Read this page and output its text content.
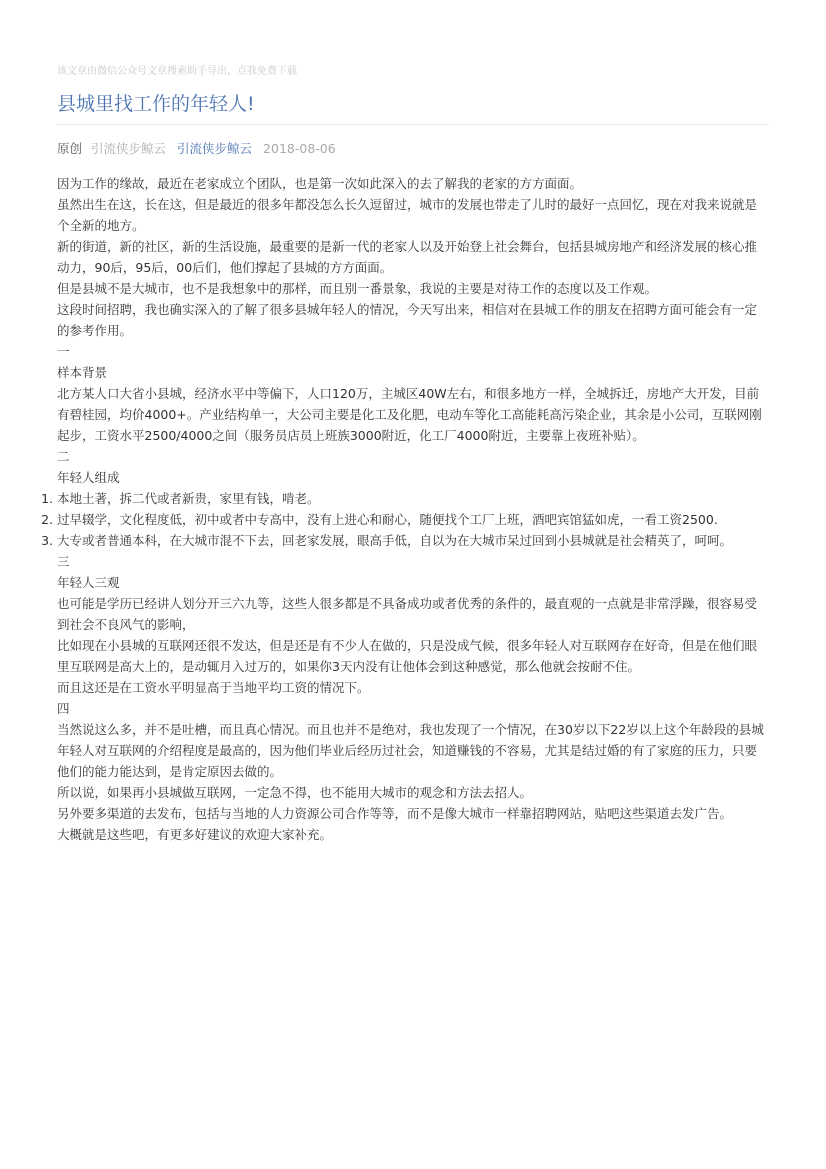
该文章由微信公众号文章搜索助手导出，点我免费下载
县城里找工作的年轻人!
原创 引流侠步鲸云 引流侠步鲸云 2018-08-06

因为工作的缘故，最近在老家成立个团队，也是第一次如此深入的去了解我的老家的方方面面。

虽然出生在这，长在这，但是最近的很多年都没怎么长久逗留过，城市的发展也带走了儿时的最好一点回忆，现在对我来说就是个全新的地方。

新的街道，新的社区，新的生活设施，最重要的是新一代的老家人以及开始登上社会舞台，包括县城房地产和经济发展的核心推动力，90后，95后，00后们，他们撑起了县城的方方面面。

但是县城不是大城市，也不是我想象中的那样，而且别一番景象，我说的主要是对待工作的态度以及工作观。

这段时间招聘，我也确实深入的了解了很多县城年轻人的情况，今天写出来，相信对在县城工作的朋友在招聘方面可能会有一定的参考作用。

一

样本背景

北方某人口大省小县城，经济水平中等偏下，人口120万，主城区40W左右，和很多地方一样，全城拆迁，房地产大开发，目前有碧桂园，均价4000+。产业结构单一，大公司主要是化工及化肥，电动车等化工高能耗高污染企业，其余是小公司，互联网刚起步，工资水平2500/4000之间（服务员店员上班族3000附近，化工厂4000附近，主要靠上夜班补贴）。

二

年轻人组成

1. 本地土著，拆二代或者新贵，家里有钱，啃老。
2. 过早辍学，文化程度低，初中或者中专高中，没有上进心和耐心，随便找个工厂上班，酒吧宾馆猛如虎，一看工资2500.
3. 大专或者普通本科，在大城市混不下去，回老家发展，眼高手低，自以为在大城市呆过回到小县城就是社会精英了，呵呵。

三

年轻人三观

也可能是学历已经讲人划分开三六九等，这些人很多都是不具备成功或者优秀的条件的，最直观的一点就是非常浮躁，很容易受到社会不良风气的影响，

比如现在小县城的互联网还很不发达，但是还是有不少人在做的，只是没成气候，很多年轻人对互联网存在好奇，但是在他们眼里互联网是高大上的，是动辄月入过万的，如果你3天内没有让他体会到这种感觉，那么他就会按耐不住。

而且这还是在工资水平明显高于当地平均工资的情况下。

四

当然说这么多，并不是吐槽，而且真心情况。而且也并不是绝对，我也发现了一个情况，在30岁以下22岁以上这个年龄段的县城年轻人对互联网的介绍程度是最高的，因为他们毕业后经历过社会，知道赚钱的不容易，尤其是结过婚的有了家庭的压力，只要他们的能力能达到，是肯定原因去做的。

所以说，如果再小县城做互联网，一定急不得，也不能用大城市的观念和方法去招人。

另外要多渠道的去发布，包括与当地的人力资源公司合作等等，而不是像大城市一样靠招聘网站，贴吧这些渠道去发广告。

大概就是这些吧，有更多好建议的欢迎大家补充。
